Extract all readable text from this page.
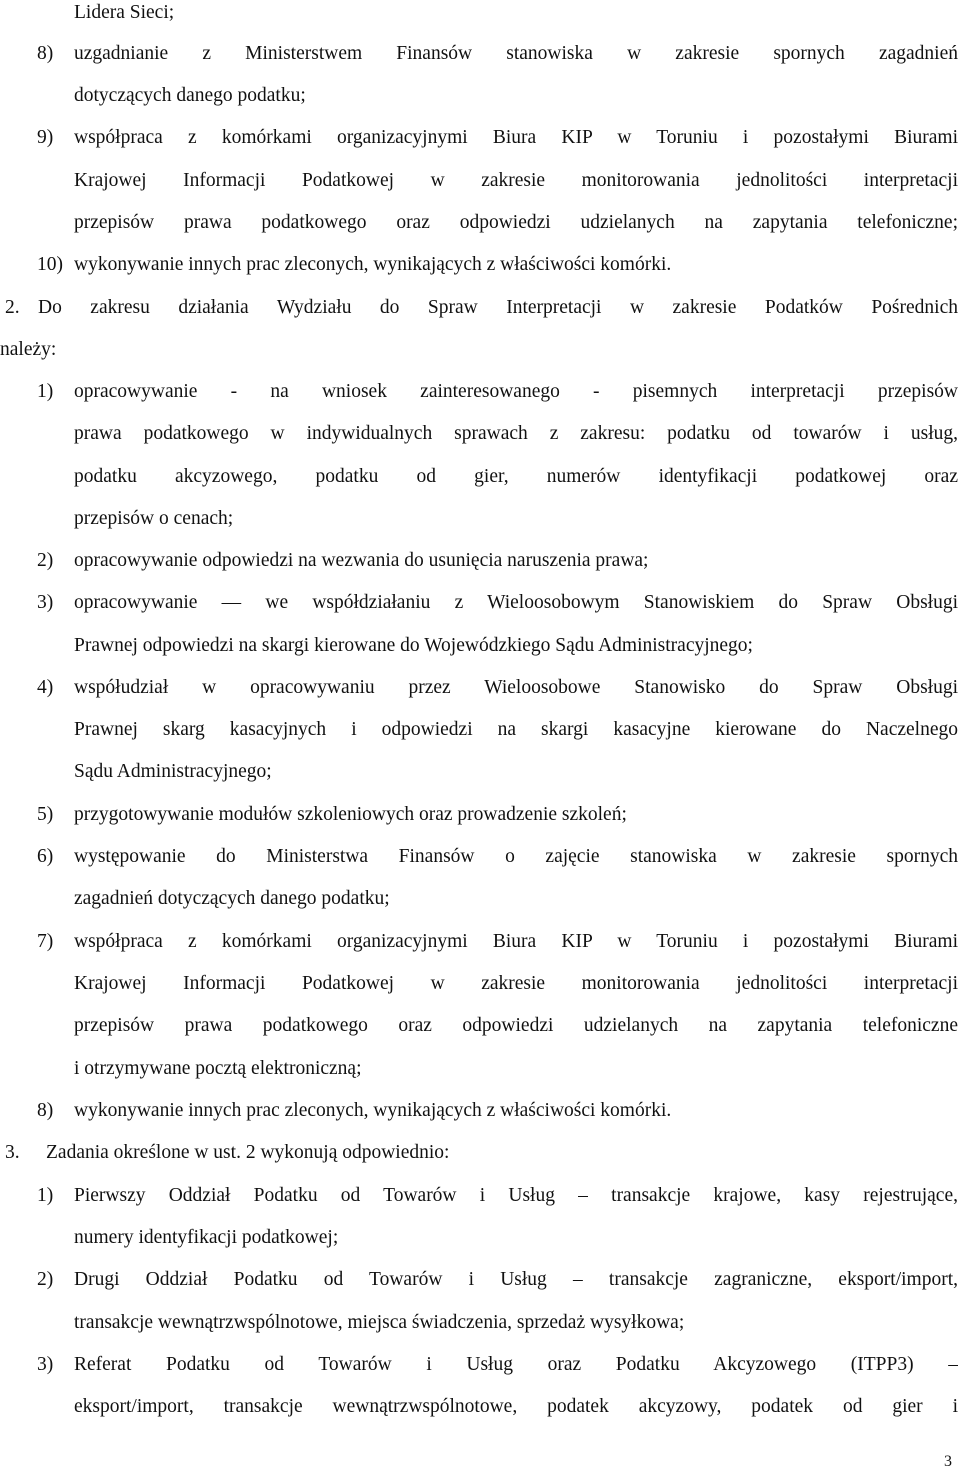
Lidera Sieci;
8) uzgadnianie z Ministerstwem Finansów stanowiska w zakresie spornych zagadnień
dotyczących danego podatku;
9) współpraca z komórkami organizacyjnymi Biura KIP w Toruniu i pozostałymi Biurami
Krajowej Informacji Podatkowej w zakresie monitorowania jednolitości interpretacji
przepisów prawa podatkowego oraz odpowiedzi udzielanych na zapytania telefoniczne;
10) wykonywanie innych prac zleconych, wynikających z właściwości komórki.
2. Do zakresu działania Wydziału do Spraw Interpretacji w zakresie Podatków Pośrednich
należy:
1) opracowywanie - na wniosek zainteresowanego - pisemnych interpretacji przepisów
prawa podatkowego w indywidualnych sprawach z zakresu: podatku od towarów i usług,
podatku akcyzowego, podatku od gier, numerów identyfikacji podatkowej oraz
przepisów o cenach;
2) opracowywanie odpowiedzi na wezwania do usunięcia naruszenia prawa;
3) opracowywanie — we współdziałaniu z Wieloosobowym Stanowiskiem do Spraw Obsługi
Prawnej odpowiedzi na skargi kierowane do Wojewódzkiego Sądu Administracyjnego;
4) współudział w opracowywaniu przez Wieloosobowe Stanowisko do Spraw Obsługi
Prawnej skarg kasacyjnych i odpowiedzi na skargi kasacyjne kierowane do Naczelnego
Sądu Administracyjnego;
5) przygotowywanie modułów szkoleniowych oraz prowadzenie szkoleń;
6) występowanie do Ministerstwa Finansów o zajęcie stanowiska w zakresie spornych
zagadnień dotyczących danego podatku;
7) współpraca z komórkami organizacyjnymi Biura KIP w Toruniu i pozostałymi Biurami
Krajowej Informacji Podatkowej w zakresie monitorowania jednolitości interpretacji
przepisów prawa podatkowego oraz odpowiedzi udzielanych na zapytania telefoniczne
i otrzymywane pocztą elektroniczną;
8) wykonywanie innych prac zleconych, wynikających z właściwości komórki.
3. Zadania określone w ust. 2 wykonują odpowiednio:
1) Pierwszy Oddział Podatku od Towarów i Usług – transakcje krajowe, kasy rejestrujące,
numery identyfikacji podatkowej;
2) Drugi Oddział Podatku od Towarów i Usług – transakcje zagraniczne, eksport/import,
transakcje wewnątrzwspólnotowe, miejsca świadczenia, sprzedaż wysyłkowa;
3) Referat Podatku od Towarów i Usług oraz Podatku Akcyzowego (ITPP3) –
eksport/import, transakcje wewnątrzwspólnotowe, podatek akcyzowy, podatek od gier i
3
